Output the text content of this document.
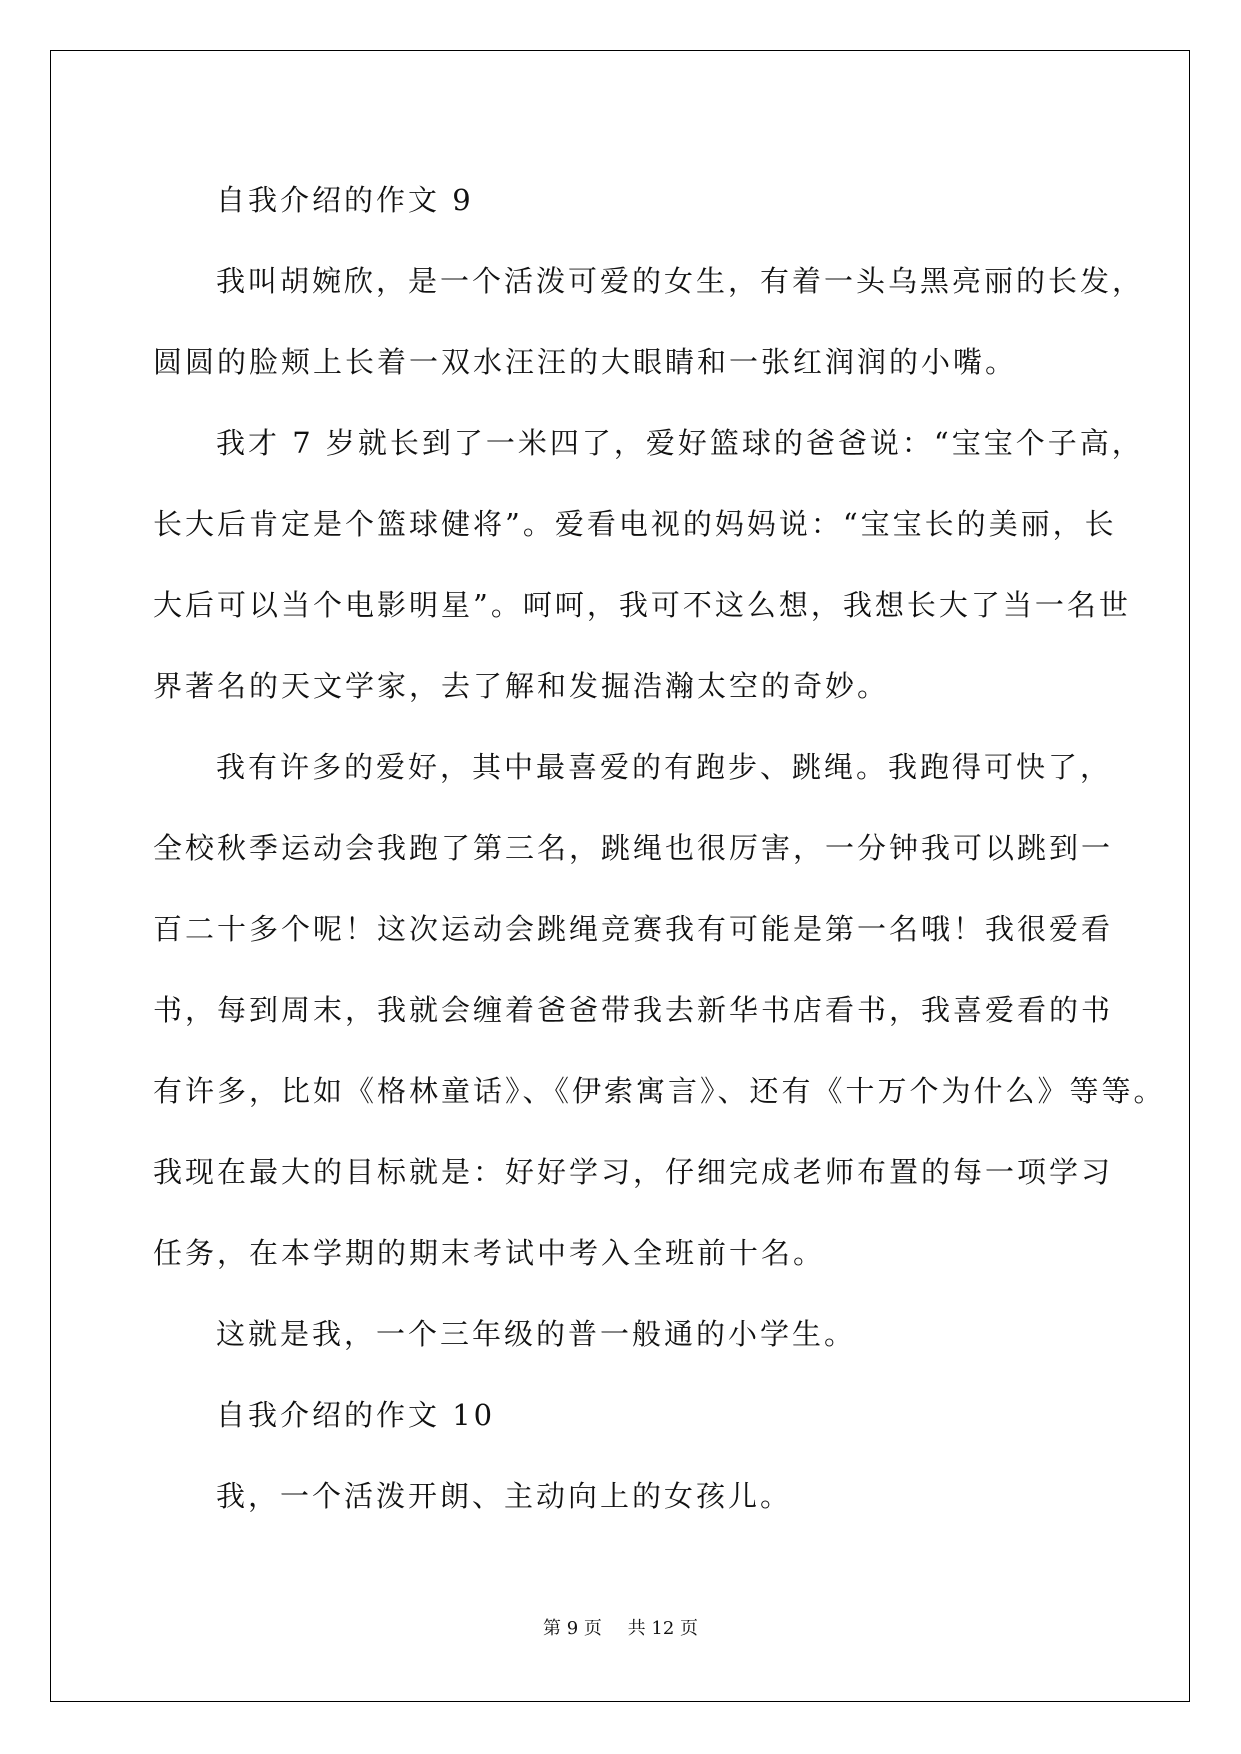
自我介绍的作文 9
我叫胡婉欣，是一个活泼可爱的女生，有着一头乌黑亮丽的长发，
圆圆的脸颊上长着一双水汪汪的大眼睛和一张红润润的小嘴。
我才 7 岁就长到了一米四了，爱好篮球的爸爸说：“宝宝个子高，
长大后肯定是个篮球健将”。爱看电视的妈妈说：“宝宝长的美丽，长
大后可以当个电影明星”。呵呵，我可不这么想，我想长大了当一名世
界著名的天文学家，去了解和发掘浩瀚太空的奇妙。
我有许多的爱好，其中最喜爱的有跑步、跳绳。我跑得可快了，
全校秋季运动会我跑了第三名，跳绳也很厉害，一分钟我可以跳到一
百二十多个呢！这次运动会跳绳竞赛我有可能是第一名哦！我很爱看
书，每到周末，我就会缠着爸爸带我去新华书店看书，我喜爱看的书
有许多，比如《格林童话》、《伊索寓言》、还有《十万个为什么》等等。
我现在最大的目标就是：好好学习，仔细完成老师布置的每一项学习
任务，在本学期的期末考试中考入全班前十名。
这就是我，一个三年级的普一般通的小学生。
自我介绍的作文 10
我，一个活泼开朗、主动向上的女孩儿。
第 9 页 共 12 页
